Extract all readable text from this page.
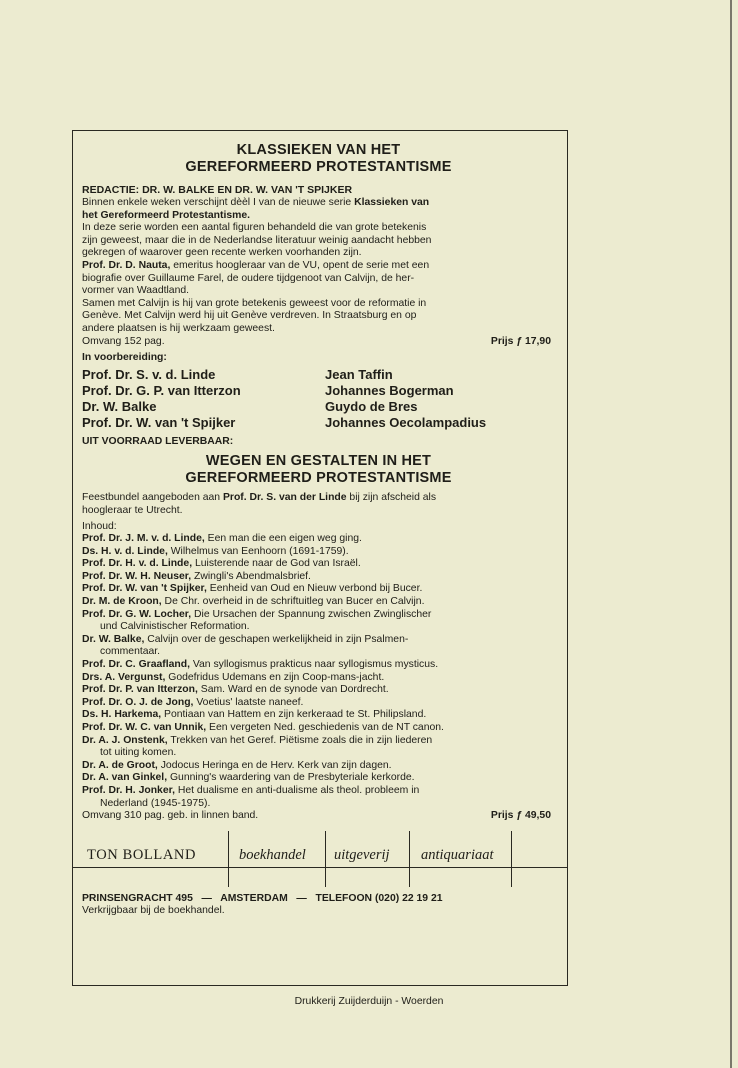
KLASSIEKEN VAN HET
GEREFORMEERD PROTESTANTISME
REDACTIE: DR. W. BALKE EN DR. W. VAN 'T SPIJKER
Binnen enkele weken verschijnt dèèl I van de nieuwe serie Klassieken van
het Gereformeerd Protestantisme.
In deze serie worden een aantal figuren behandeld die van grote betekenis
zijn geweest, maar die in de Nederlandse literatuur weinig aandacht hebben
gekregen of waarover geen recente werken voorhanden zijn.
Prof. Dr. D. Nauta, emeritus hoogleraar van de VU, opent de serie met een
biografie over Guillaume Farel, de oudere tijdgenoot van Calvijn, de her-
vormer van Waadtland.
Samen met Calvijn is hij van grote betekenis geweest voor de reformatie in
Genève. Met Calvijn werd hij uit Genève verdreven. In Straatsburg en op
andere plaatsen is hij werkzaam geweest.
Omvang 152 pag.	Prijs ƒ 17,90
In voorbereiding:
Prof. Dr. S. v. d. Linde	Jean Taffin
Prof. Dr. G. P. van Itterzon	Johannes Bogerman
Dr. W. Balke	Guydo de Bres
Prof. Dr. W. van 't Spijker	Johannes Oecolampadius
UIT VOORRAAD LEVERBAAR:
WEGEN EN GESTALTEN IN HET
GEREFORMEERD PROTESTANTISME
Feestbundel aangeboden aan Prof. Dr. S. van der Linde bij zijn afscheid als
hoogleraar te Utrecht.
Inhoud:
Prof. Dr. J. M. v. d. Linde, Een man die een eigen weg ging.
Ds. H. v. d. Linde, Wilhelmus van Eenhoorn (1691-1759).
Prof. Dr. H. v. d. Linde, Luisterende naar de God van Israël.
Prof. Dr. W. H. Neuser, Zwingli's Abendmalsbrief.
Prof. Dr. W. van 't Spijker, Eenheid van Oud en Nieuw verbond bij Bucer.
Dr. M. de Kroon, De Chr. overheid in de schriftuitleg van Bucer en Calvijn.
Prof. Dr. G. W. Locher, Die Ursachen der Spannung zwischen Zwinglischer
und Calvinistischer Reformation.
Dr. W. Balke, Calvijn over de geschapen werkelijkheid in zijn Psalmen-
commentaar.
Prof. Dr. C. Graafland, Van syllogismus prakticus naar syllogismus mysticus.
Drs. A. Vergunst, Godefridus Udemans en zijn Coop-mans-jacht.
Prof. Dr. P. van Itterzon, Sam. Ward en de synode van Dordrecht.
Prof. Dr. O. J. de Jong, Voetius' laatste naneef.
Ds. H. Harkema, Pontiaan van Hattem en zijn kerkeraad te St. Philipsland.
Prof. Dr. W. C. van Unnik, Een vergeten Ned. geschiedenis van de NT canon.
Dr. A. J. Onstenk, Trekken van het Geref. Piëtisme zoals die in zijn liederen
tot uiting komen.
Dr. A. de Groot, Jodocus Heringa en de Herv. Kerk van zijn dagen.
Dr. A. van Ginkel, Gunning's waardering van de Presbyteriale kerkorde.
Prof. Dr. H. Jonker, Het dualisme en anti-dualisme als theol. probleem in
Nederland (1945-1975).
Omvang 310 pag. geb. in linnen band.	Prijs ƒ 49,50
TON BOLLAND	boekhandel uitgeverij antiquariaat
PRINSENGRACHT 495 — AMSTERDAM — TELEFOON (020) 22 19 21
Verkrijgbaar bij de boekhandel.
Drukkerij Zuijderduijn - Woerden
